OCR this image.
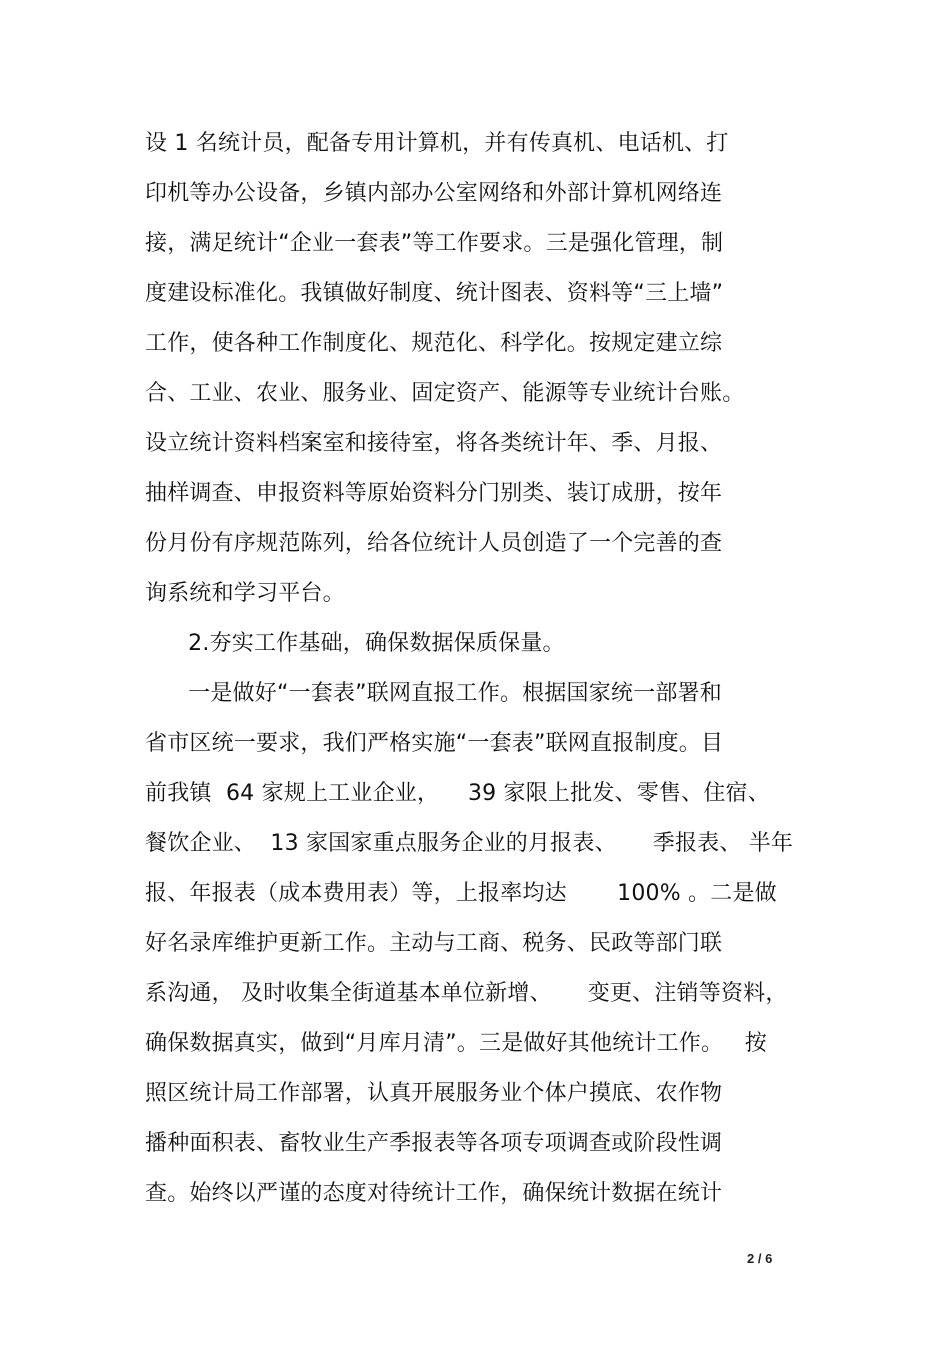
设 1 名统计员，配备专用计算机，并有传真机、电话机、打
印机等办公设备，乡镇内部办公室网络和外部计算机网络连
接，满足统计“企业一套表”等工作要求。三是强化管理，制
度建设标准化。我镇做好制度、统计图表、资料等“三上墙”
工作，使各种工作制度化、规范化、科学化。按规定建立综
合、工业、农业、服务业、固定资产、能源等专业统计台账。
设立统计资料档案室和接待室，将各类统计年、季、月报、
抽样调查、申报资料等原始资料分门别类、装订成册，按年
份月份有序规范陈列，给各位统计人员创造了一个完善的查
询系统和学习平台。
2.夯实工作基础，确保数据保质保量。
一是做好“一套表”联网直报工作。根据国家统一部署和
省市区统一要求，我们严格实施“一套表”联网直报制度。目
前我镇  64 家规上工业企业，    39 家限上批发、零售、住宿、
餐饮企业、  13 家国家重点服务企业的月报表、     季报表、 半年
报、年报表（成本费用表）等，上报率均达       100% 。二是做
好名录库维护更新工作。主动与工商、税务、民政等部门联
系沟通， 及时收集全街道基本单位新增、     变更、注销等资料，
确保数据真实，做到“月库月清”。三是做好其他统计工作。   按
照区统计局工作部署，认真开展服务业个体户摸底、农作物
播种面积表、畜牧业生产季报表等各项专项调查或阶段性调
查。始终以严谨的态度对待统计工作，确保统计数据在统计
2 / 6
